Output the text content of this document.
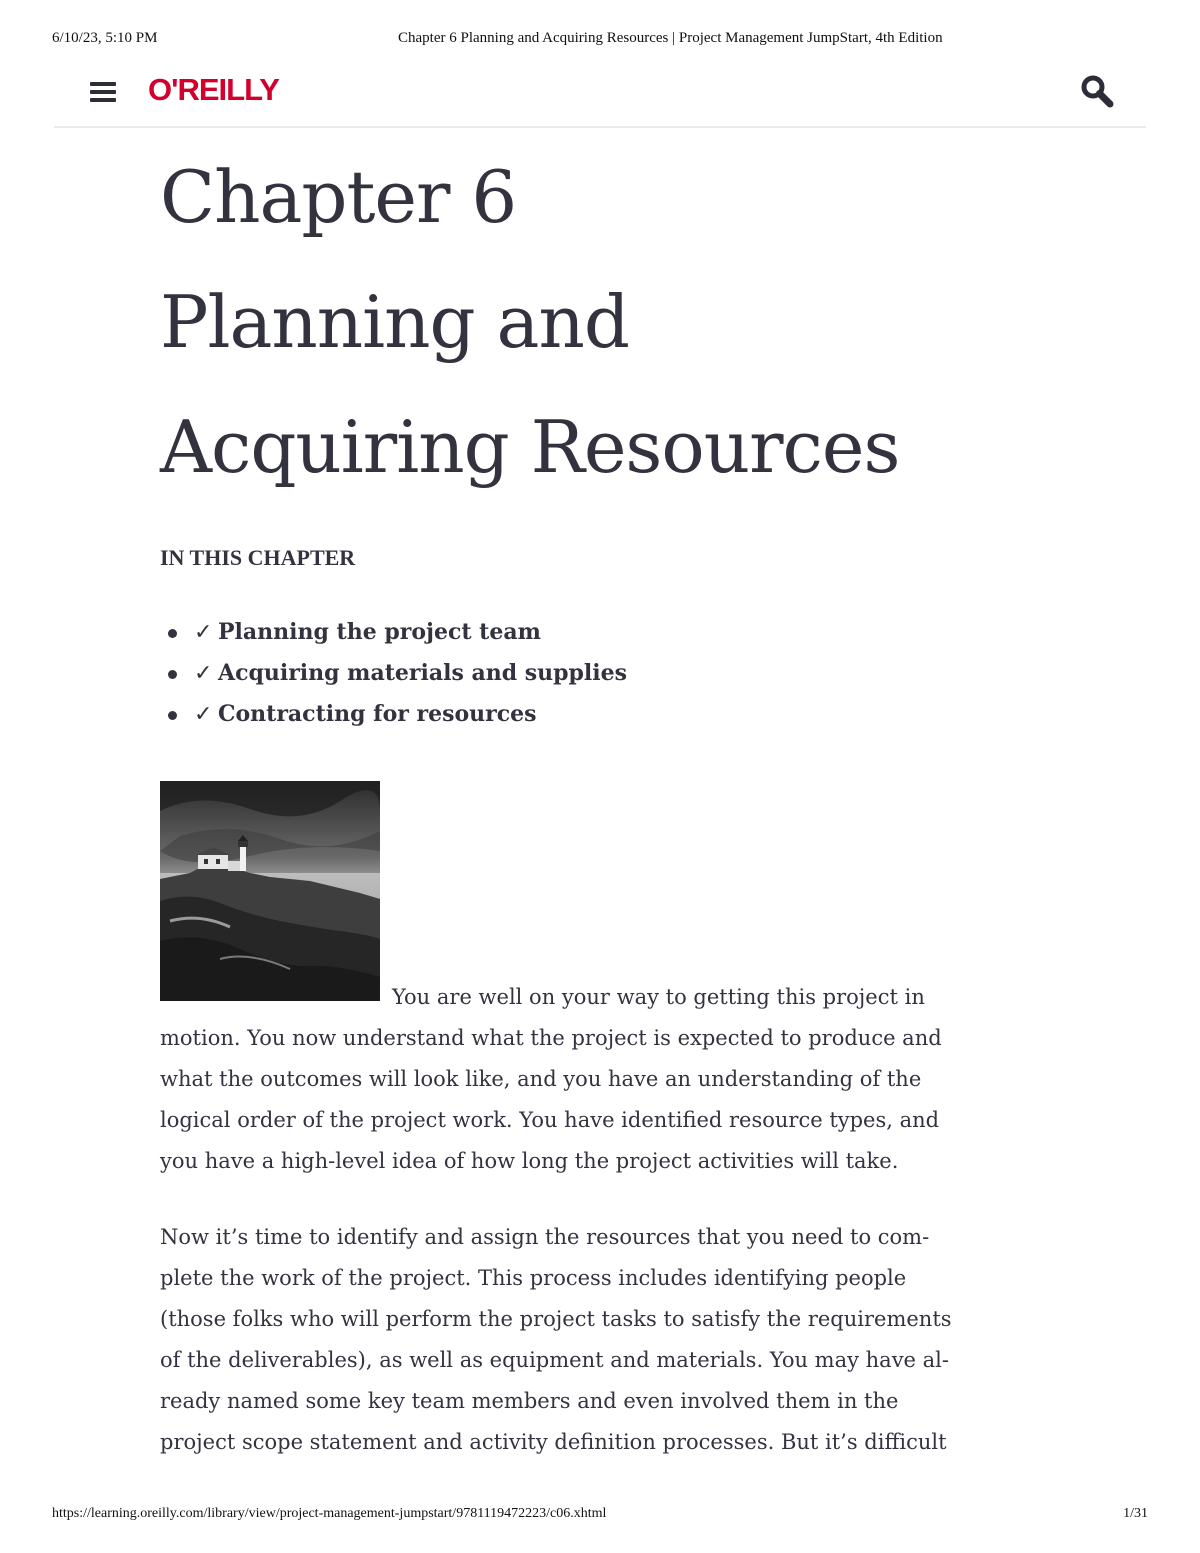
6/10/23, 5:10 PM	Chapter 6 Planning and Acquiring Resources | Project Management JumpStart, 4th Edition
O'REILLY
Chapter 6
Planning and
Acquiring Resources

IN THIS CHAPTER

✓ Planning the project team
✓ Acquiring materials and supplies
✓ Contracting for resources
You are well on your way to getting this project in
motion. You now understand what the project is expected to produce and
what the outcomes will look like, and you have an understanding of the
logical order of the project work. You have identified resource types, and
you have a high-level idea of how long the project activities will take.
Now it’s time to identify and assign the resources that you need to com-
plete the work of the project. This process includes identifying people
(those folks who will perform the project tasks to satisfy the requirements
of the deliverables), as well as equipment and materials. You may have al-
ready named some key team members and even involved them in the
project scope statement and activity definition processes. But it’s difficult
https://learning.oreilly.com/library/view/project-management-jumpstart/9781119472223/c06.xhtml	1/31
